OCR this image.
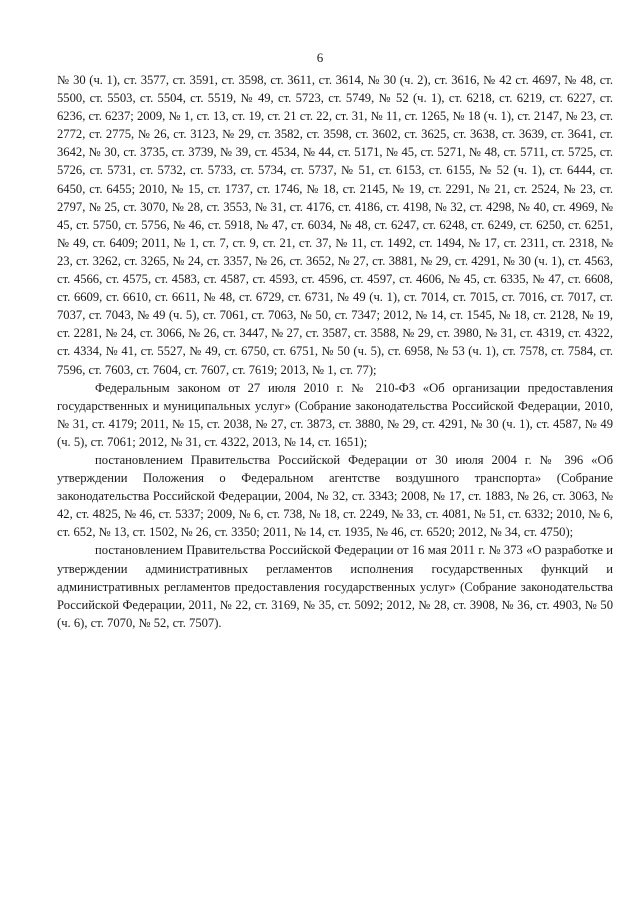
6

№ 30 (ч. 1), ст. 3577, ст. 3591, ст. 3598, ст. 3611, ст. 3614, № 30 (ч. 2), ст. 3616, № 42 ст. 4697, № 48, ст. 5500, ст. 5503, ст. 5504, ст. 5519, № 49, ст. 5723, ст. 5749, № 52 (ч. 1), ст. 6218, ст. 6219, ст. 6227, ст. 6236, ст. 6237; 2009, № 1, ст. 13, ст. 19, ст. 21 ст. 22, ст. 31, № 11, ст. 1265, № 18 (ч. 1), ст. 2147, № 23, ст. 2772, ст. 2775, № 26, ст. 3123, № 29, ст. 3582, ст. 3598, ст. 3602, ст. 3625, ст. 3638, ст. 3639, ст. 3641, ст. 3642, № 30, ст. 3735, ст. 3739, № 39, ст. 4534, № 44, ст. 5171, № 45, ст. 5271, № 48, ст. 5711, ст. 5725, ст. 5726, ст. 5731, ст. 5732, ст. 5733, ст. 5734, ст. 5737, № 51, ст. 6153, ст. 6155, № 52 (ч. 1), ст. 6444, ст. 6450, ст. 6455; 2010, № 15, ст. 1737, ст. 1746, № 18, ст. 2145, № 19, ст. 2291, № 21, ст. 2524, № 23, ст. 2797, № 25, ст. 3070, № 28, ст. 3553, № 31, ст. 4176, ст. 4186, ст. 4198, № 32, ст. 4298, № 40, ст. 4969, № 45, ст. 5750, ст. 5756, № 46, ст. 5918, № 47, ст. 6034, № 48, ст. 6247, ст. 6248, ст. 6249, ст. 6250, ст. 6251, № 49, ст. 6409; 2011, № 1, ст. 7, ст. 9, ст. 21, ст. 37, № 11, ст. 1492, ст. 1494, № 17, ст. 2311, ст. 2318, № 23, ст. 3262, ст. 3265, № 24, ст. 3357, № 26, ст. 3652, № 27, ст. 3881, № 29, ст. 4291, № 30 (ч. 1), ст. 4563, ст. 4566, ст. 4575, ст. 4583, ст. 4587, ст. 4593, ст. 4596, ст. 4597, ст. 4606, № 45, ст. 6335, № 47, ст. 6608, ст. 6609, ст. 6610, ст. 6611, № 48, ст. 6729, ст. 6731, № 49 (ч. 1), ст. 7014, ст. 7015, ст. 7016, ст. 7017, ст. 7037, ст. 7043, № 49 (ч. 5), ст. 7061, ст. 7063, № 50, ст. 7347; 2012, № 14, ст. 1545, № 18, ст. 2128, № 19, ст. 2281, № 24, ст. 3066, № 26, ст. 3447, № 27, ст. 3587, ст. 3588, № 29, ст. 3980, № 31, ст. 4319, ст. 4322, ст. 4334, № 41, ст. 5527, № 49, ст. 6750, ст. 6751, № 50 (ч. 5), ст. 6958, № 53 (ч. 1), ст. 7578, ст. 7584, ст. 7596, ст. 7603, ст. 7604, ст. 7607, ст. 7619; 2013, № 1, ст. 77);

Федеральным законом от 27 июля 2010 г. № 210-ФЗ «Об организации предоставления государственных и муниципальных услуг» (Собрание законодательства Российской Федерации, 2010, № 31, ст. 4179; 2011, № 15, ст. 2038, № 27, ст. 3873, ст. 3880, № 29, ст. 4291, № 30 (ч. 1), ст. 4587, № 49 (ч. 5), ст. 7061; 2012, № 31, ст. 4322, 2013, № 14, ст. 1651);

постановлением Правительства Российской Федерации от 30 июля 2004 г. № 396 «Об утверждении Положения о Федеральном агентстве воздушного транспорта» (Собрание законодательства Российской Федерации, 2004, № 32, ст. 3343; 2008, № 17, ст. 1883, № 26, ст. 3063, № 42, ст. 4825, № 46, ст. 5337; 2009, № 6, ст. 738, № 18, ст. 2249, № 33, ст. 4081, № 51, ст. 6332; 2010, № 6, ст. 652, № 13, ст. 1502, № 26, ст. 3350; 2011, № 14, ст. 1935, № 46, ст. 6520; 2012, № 34, ст. 4750);

постановлением Правительства Российской Федерации от 16 мая 2011 г. № 373 «О разработке и утверждении административных регламентов исполнения государственных функций и административных регламентов предоставления государственных услуг» (Собрание законодательства Российской Федерации, 2011, № 22, ст. 3169, № 35, ст. 5092; 2012, № 28, ст. 3908, № 36, ст. 4903, № 50 (ч. 6), ст. 7070, № 52, ст. 7507).
